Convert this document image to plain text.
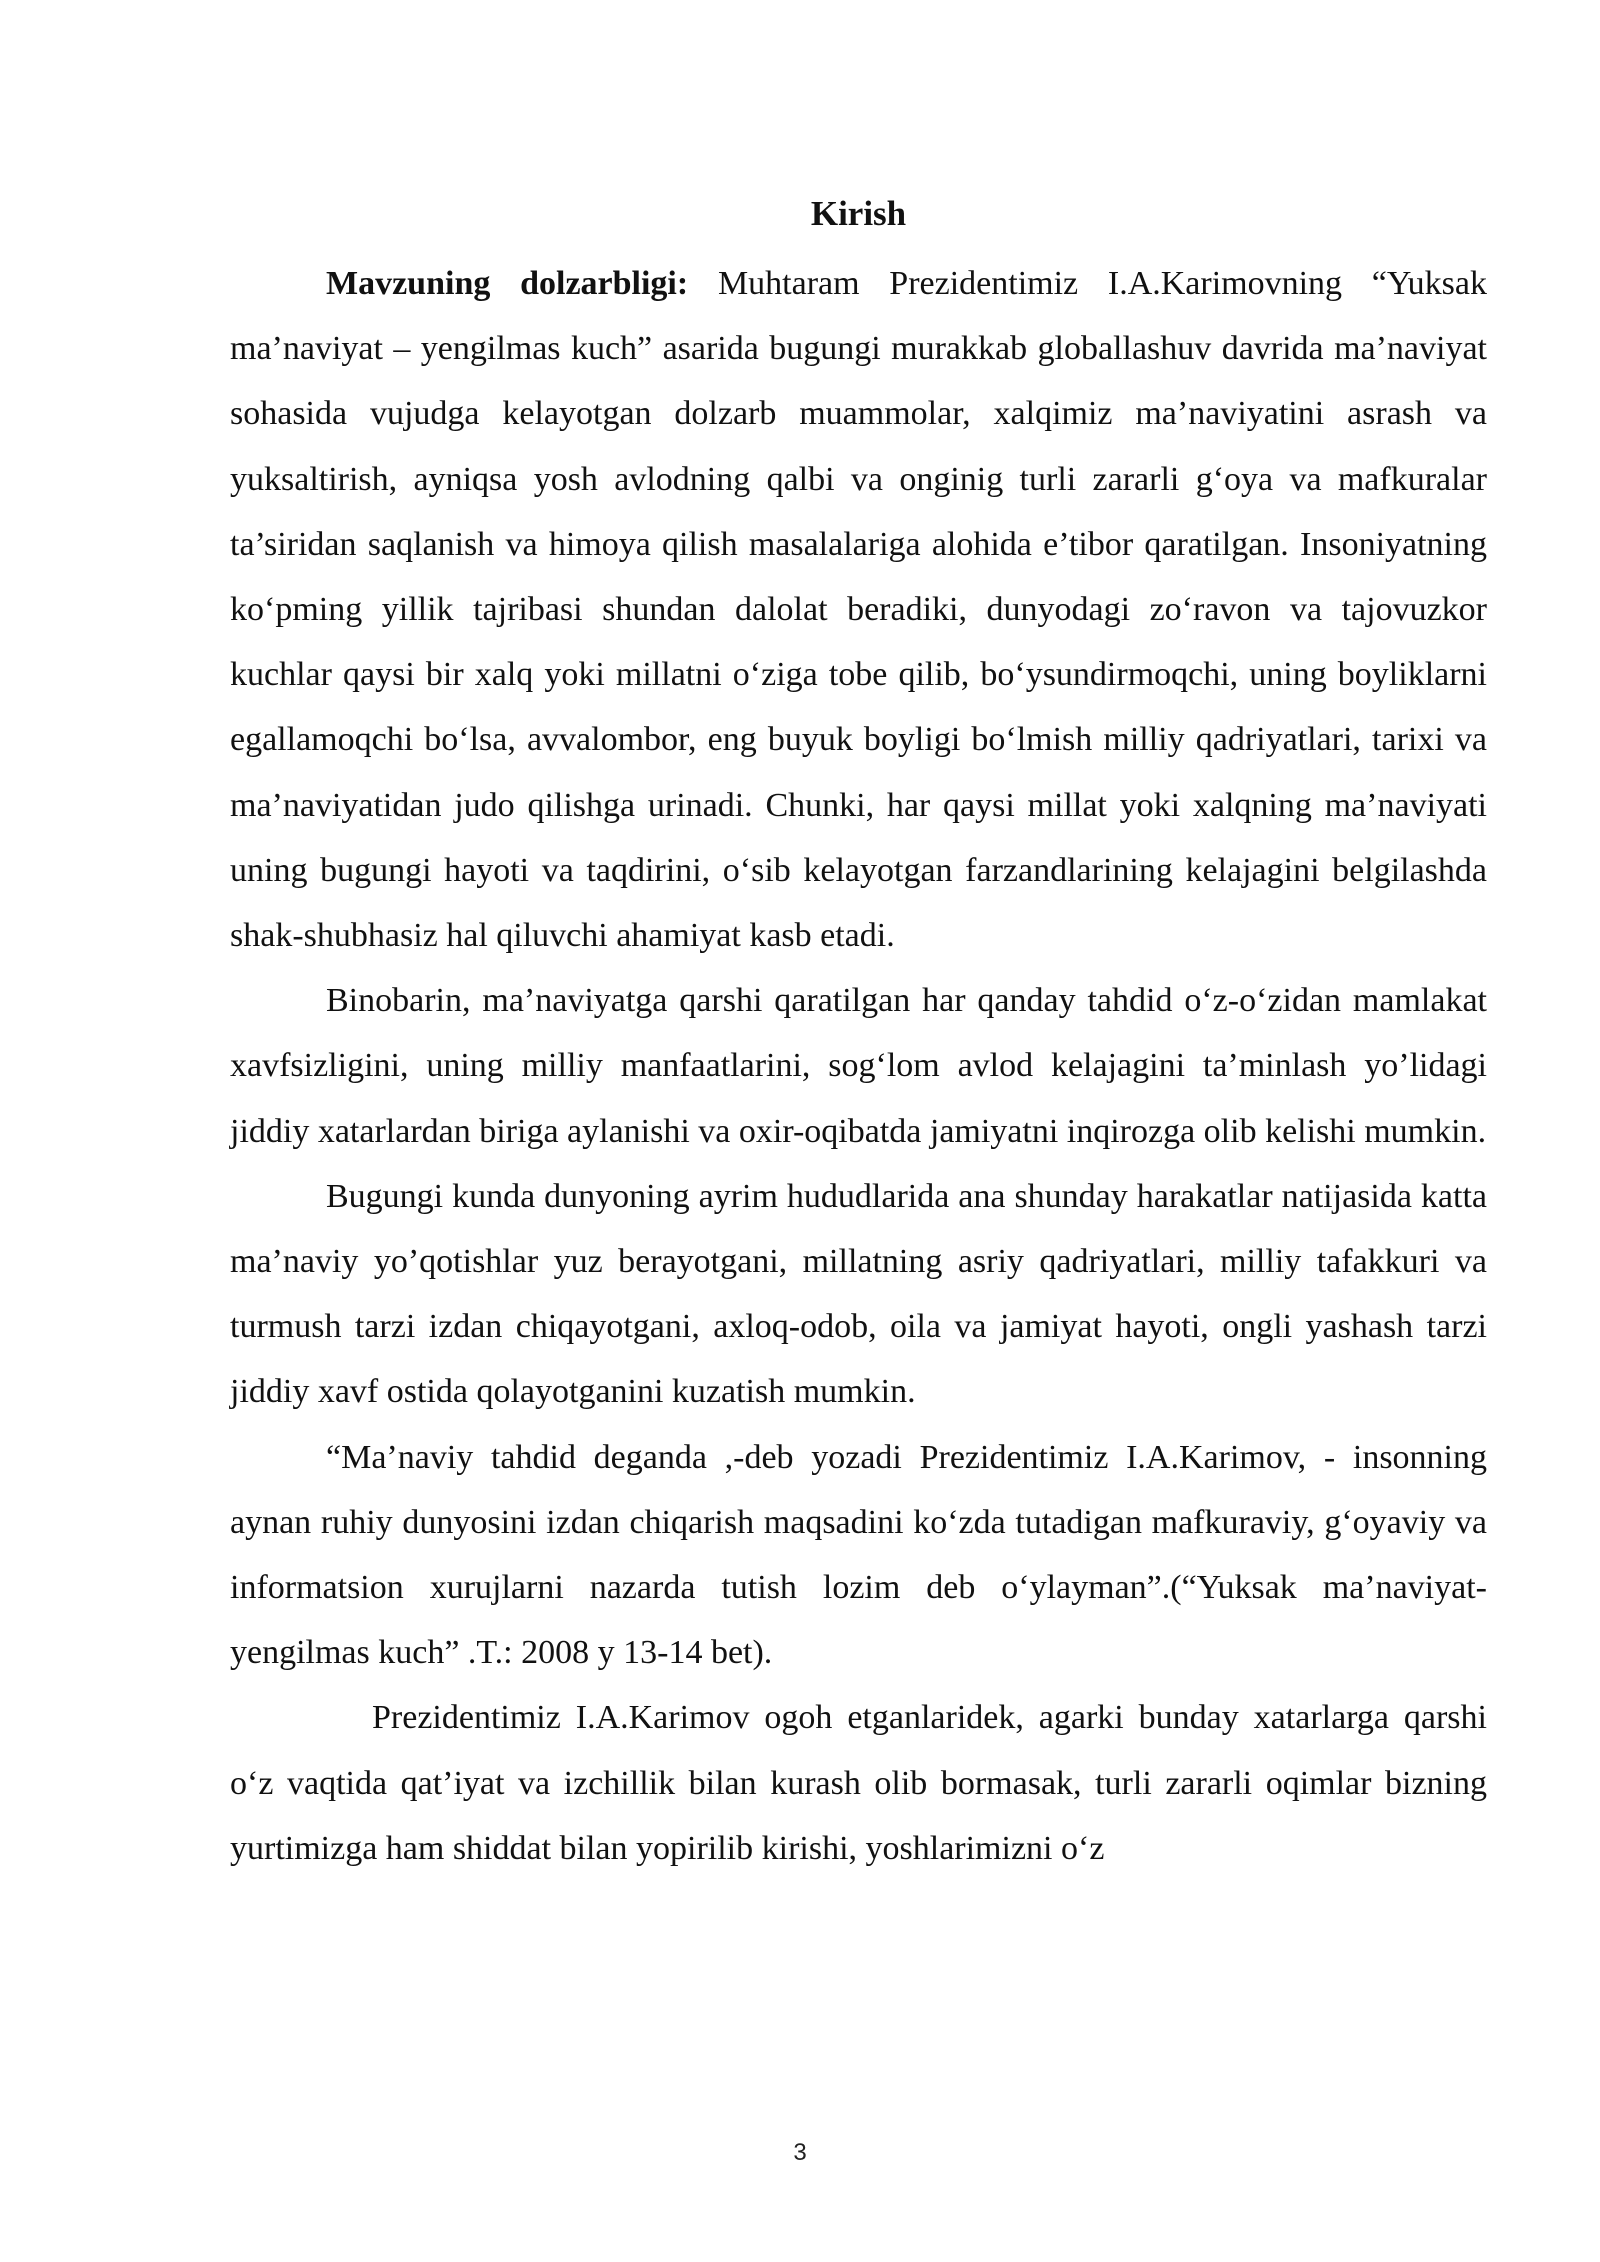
Kirish

Mavzuning dolzarbligi: Muhtaram Prezidentimiz I.A.Karimovning “Yuksak ma’naviyat – yengilmas kuch” asarida bugungi murakkab globallashuv davrida ma’naviyat sohasida vujudga kelayotgan dolzarb muammolar, xalqimiz ma’naviyatini asrash va yuksaltirish, ayniqsa yosh avlodning qalbi va onginig turli zararli g‘oya va mafkuralar ta’siridan saqlanish va himoya qilish masalalariga alohida e’tibor qaratilgan. Insoniyatning ko‘pming yillik tajribasi shundan dalolat beradiki, dunyodagi zo‘ravon va tajovuzkor kuchlar qaysi bir xalq yoki millatni o‘ziga tobe qilib, bo‘ysundirmoqchi, uning boyliklarni egallamoqchi bo‘lsa, avvalombor, eng buyuk boyligi bo‘lmish milliy qadriyatlari, tarixi va ma’naviyatidan judo qilishga urinadi. Chunki, har qaysi millat yoki xalqning ma’naviyati uning bugungi hayoti va taqdirini, o‘sib kelayotgan farzandlarining kelajagini belgilashda shak-shubhasiz hal qiluvchi ahamiyat kasb etadi.

Binobarin, ma’naviyatga qarshi qaratilgan har qanday tahdid o‘z-o‘zidan mamlakat xavfsizligini, uning milliy manfaatlarini, sog‘lom avlod kelajagini ta’minlash yo’lidagi jiddiy xatarlardan biriga aylanishi va oxir-oqibatda jamiyatni inqirozga olib kelishi mumkin.

Bugungi kunda dunyoning ayrim hududlarida ana shunday harakatlar natijasida katta ma’naviy yo’qotishlar yuz berayotgani, millatning asriy qadriyatlari, milliy tafakkuri va turmush tarzi izdan chiqayotgani, axloq-odob, oila va jamiyat hayoti, ongli yashash tarzi jiddiy xavf ostida qolayotganini kuzatish mumkin.

“Ma’naviy tahdid deganda ,-deb yozadi Prezidentimiz I.A.Karimov, - insonning aynan ruhiy dunyosini izdan chiqarish maqsadini ko‘zda tutadigan mafkuraviy, g‘oyaviy va informatsion xurujlarni nazarda tutish lozim deb o‘ylayman”.(“Yuksak ma’naviyat-yengilmas kuch” .T.: 2008 y 13-14 bet).

Prezidentimiz I.A.Karimov ogoh etganlaridek, agarki bunday xatarlarga qarshi o‘z vaqtida qat’iyat va izchillik bilan kurash olib bormasak, turli zararli oqimlar bizning yurtimizga ham shiddat bilan yopirilib kirishi, yoshlarimizni o‘z

3
